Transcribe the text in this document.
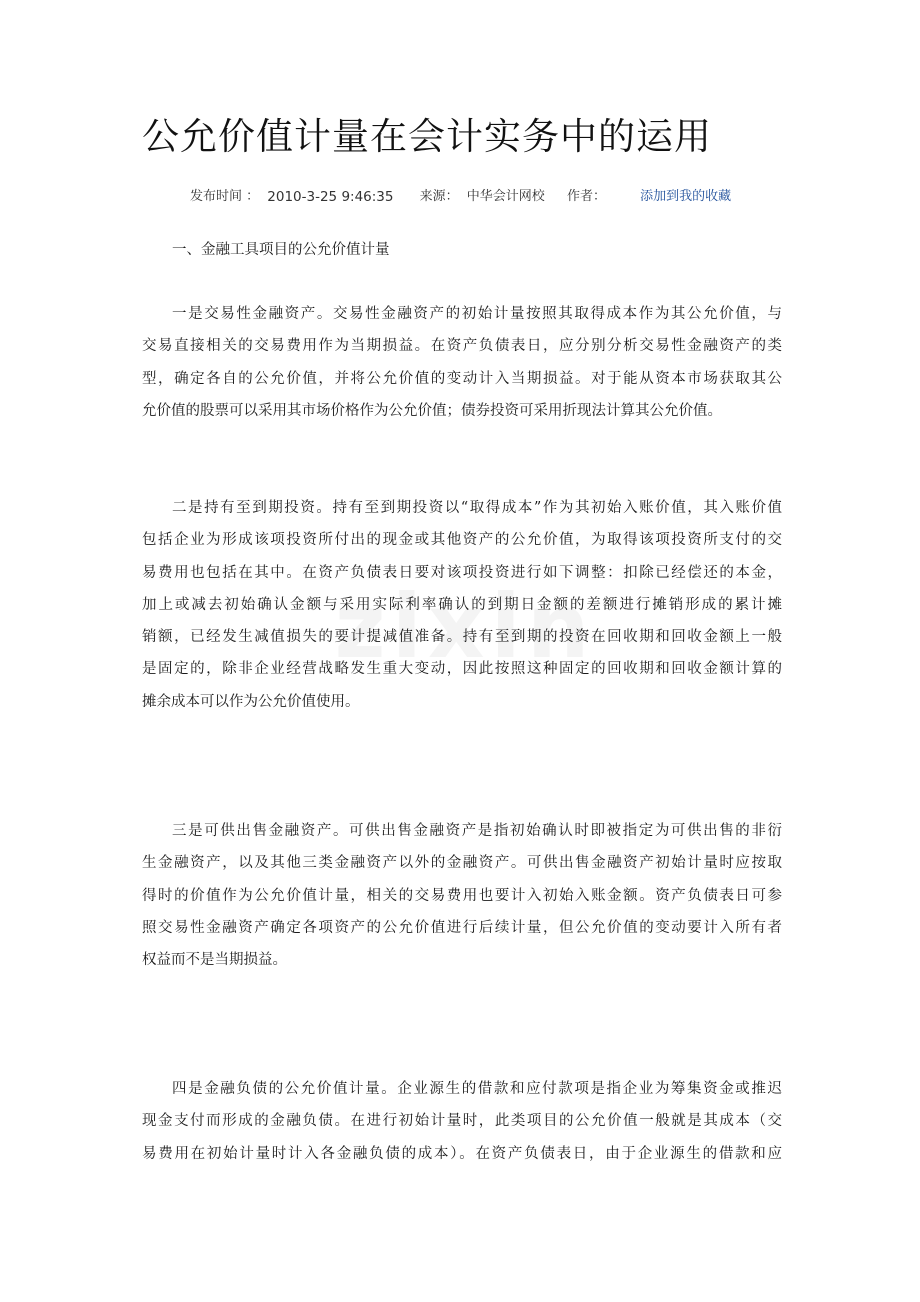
公允价值计量在会计实务中的运用
发布时间 ： 2010-3-25 9:46:35 来源： 中华会计网校 作者：	添加到我的收藏
一、金融工具项目的公允价值计量
一是交易性金融资产。交易性金融资产的初始计量按照其取得成本作为其公允价值，与
交易直接相关的交易费用作为当期损益。在资产负债表日，应分别分析交易性金融资产的类
型，确定各自的公允价值，并将公允价值的变动计入当期损益。对于能从资本市场获取其公
允价值的股票可以采用其市场价格作为公允价值；债券投资可采用折现法计算其公允价值。
二是持有至到期投资。持有至到期投资以“取得成本”作为其初始入账价值，其入账价值
包括企业为形成该项投资所付出的现金或其他资产的公允价值，为取得该项投资所支付的交
易费用也包括在其中。在资产负债表日要对该项投资进行如下调整：扣除已经偿还的本金，
加上或减去初始确认金额与采用实际利率确认的到期日金额的差额进行摊销形成的累计摊
销额，已经发生减值损失的要计提减值准备。持有至到期的投资在回收期和回收金额上一般
是固定的，除非企业经营战略发生重大变动，因此按照这种固定的回收期和回收金额计算的
摊余成本可以作为公允价值使用。
三是可供出售金融资产。可供出售金融资产是指初始确认时即被指定为可供出售的非衍
生金融资产，以及其他三类金融资产以外的金融资产。可供出售金融资产初始计量时应按取
得时的价值作为公允价值计量，相关的交易费用也要计入初始入账金额。资产负债表日可参
照交易性金融资产确定各项资产的公允价值进行后续计量，但公允价值的变动要计入所有者
权益而不是当期损益。
四是金融负债的公允价值计量。企业源生的借款和应付款项是指企业为筹集资金或推迟
现金支付而形成的金融负债。在进行初始计量时，此类项目的公允价值一般就是其成本（交
易费用在初始计量时计入各金融负债的成本）。在资产负债表日，由于企业源生的借款和应
